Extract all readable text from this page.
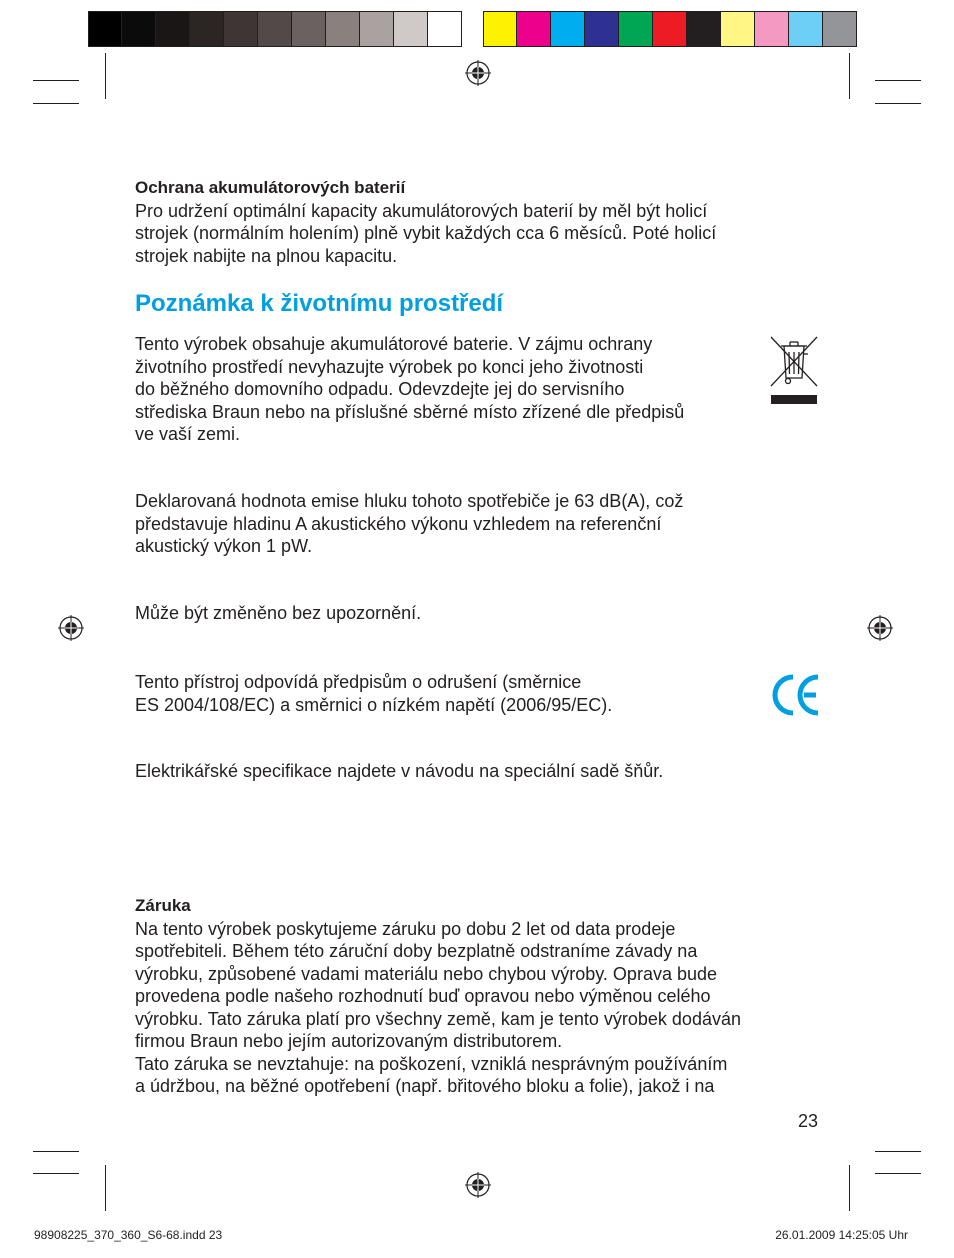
Ochrana akumulátorových baterií
Pro udržení optimální kapacity akumulátorových baterií by měl být holicí
strojek (normálním holením) plně vybit každých cca 6 měsíců. Poté holicí
strojek nabijte na plnou kapacitu.
Poznámka k životnímu prostředí
Tento výrobek obsahuje akumulátorové baterie. V zájmu ochrany
životního prostředí nevyhazujte výrobek po konci jeho životnosti
do běžného domovního odpadu. Odevzdejte jej do servisního
střediska Braun nebo na příslušné sběrné místo zřízené dle předpisů
ve vaší zemi.
Deklarovaná hodnota emise hluku tohoto spotřebiče je 63 dB(A), což
představuje hladinu A akustického výkonu vzhledem na referenční
akustický výkon 1 pW.
Může být změněno bez upozornění.
Tento přístroj odpovídá předpisům o odrušení (směrnice
ES 2004/108/EC) a směrnici o nízkém napětí (2006/95/EC).
Elektrikářské specifikace najdete v návodu na speciální sadě šňůr.
Záruka
Na tento výrobek poskytujeme záruku po dobu 2 let od data prodeje
spotřebiteli. Během této záruční doby bezplatně odstraníme závady na
výrobku, způsobené vadami materiálu nebo chybou výroby. Oprava bude
provedena podle našeho rozhodnutí buď opravou nebo výměnou celého
výrobku. Tato záruka platí pro všechny země, kam je tento výrobek dodáván
firmou Braun nebo jejím autorizovaným distributorem.
Tato záruka se nevztahuje: na poškození, vzniklá nesprávným používáním
a údržbou, na běžné opotřebení (např. břitového bloku a folie), jakož i na
23
98908225_370_360_S6-68.indd 23	26.01.2009 14:25:05 Uhr
